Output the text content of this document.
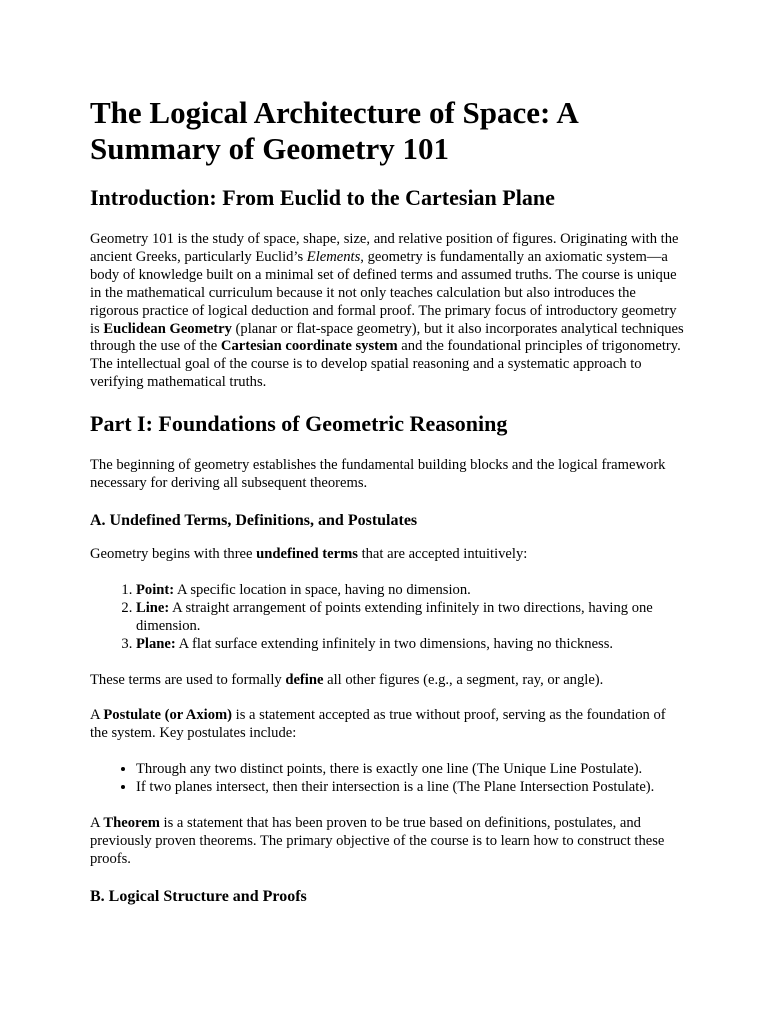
The Logical Architecture of Space: A Summary of Geometry 101
Introduction: From Euclid to the Cartesian Plane

Geometry 101 is the study of space, shape, size, and relative position of figures. Originating with the ancient Greeks, particularly Euclid’s Elements, geometry is fundamentally an axiomatic system—a body of knowledge built on a minimal set of defined terms and assumed truths. The course is unique in the mathematical curriculum because it not only teaches calculation but also introduces the rigorous practice of logical deduction and formal proof. The primary focus of introductory geometry is Euclidean Geometry (planar or flat-space geometry), but it also incorporates analytical techniques through the use of the Cartesian coordinate system and the foundational principles of trigonometry. The intellectual goal of the course is to develop spatial reasoning and a systematic approach to verifying mathematical truths.

Part I: Foundations of Geometric Reasoning

The beginning of geometry establishes the fundamental building blocks and the logical framework necessary for deriving all subsequent theorems.

A. Undefined Terms, Definitions, and Postulates

Geometry begins with three undefined terms that are accepted intuitively:

1. Point: A specific location in space, having no dimension.
2. Line: A straight arrangement of points extending infinitely in two directions, having one dimension.
3. Plane: A flat surface extending infinitely in two dimensions, having no thickness.

These terms are used to formally define all other figures (e.g., a segment, ray, or angle).

A Postulate (or Axiom) is a statement accepted as true without proof, serving as the foundation of the system. Key postulates include:

• Through any two distinct points, there is exactly one line (The Unique Line Postulate).
• If two planes intersect, then their intersection is a line (The Plane Intersection Postulate).

A Theorem is a statement that has been proven to be true based on definitions, postulates, and previously proven theorems. The primary objective of the course is to learn how to construct these proofs.

B. Logical Structure and Proofs
